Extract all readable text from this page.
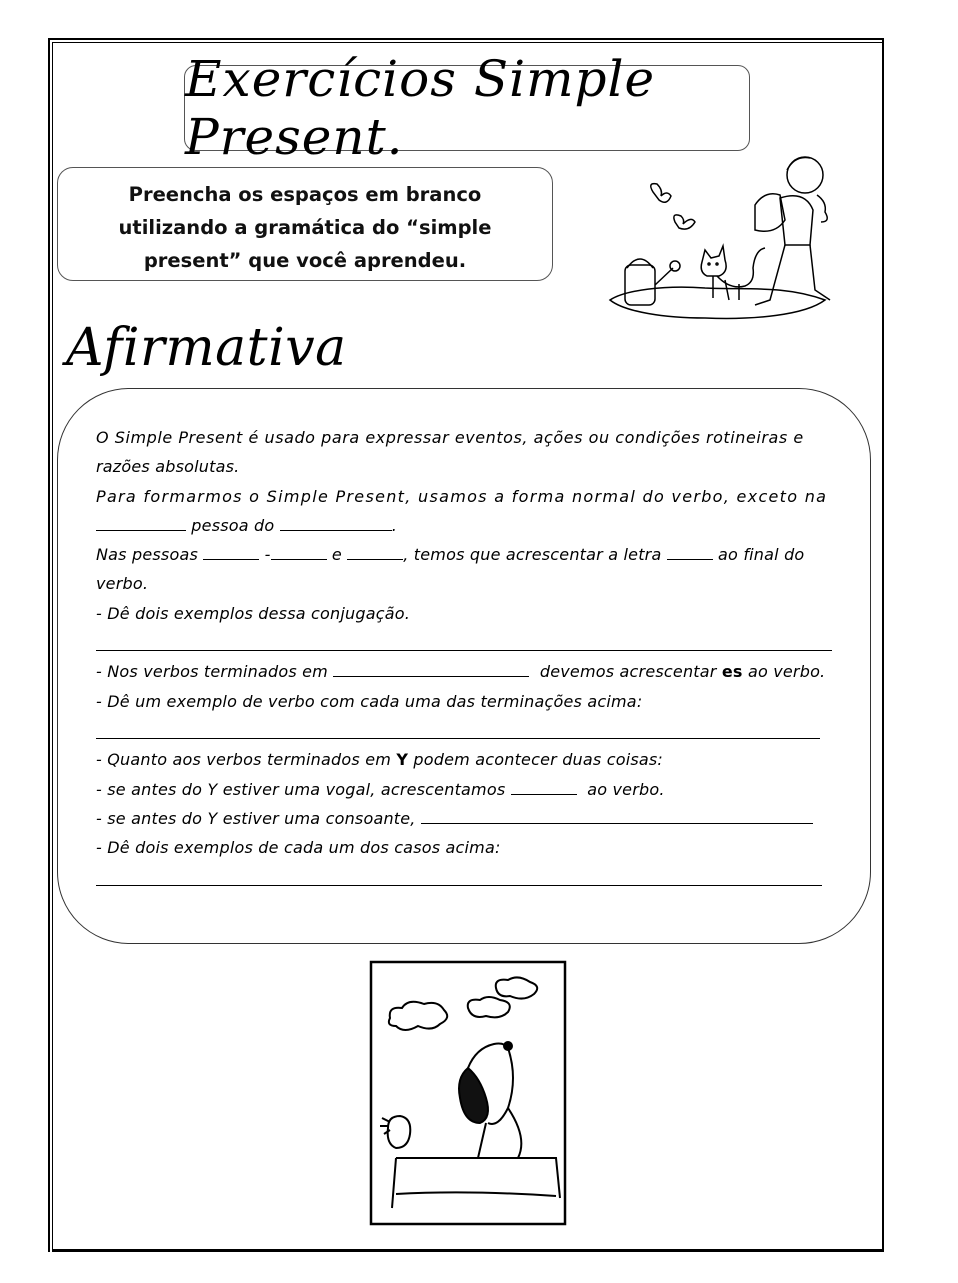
Exercícios Simple Present.
Preencha os espaços em branco utilizando a gramática do “simple present” que você aprendeu.
Afirmativa
O Simple Present é usado para expressar eventos, ações ou condições rotineiras e
razões absolutas.
Para formarmos o Simple Present, usamos a forma normal do verbo, exceto na
pessoa do	.
Nas pessoas	-	e	, temos que acrescentar a letra	ao final do
verbo.
- Dê dois exemplos dessa conjugação.
- Nos verbos terminados em	devemos acrescentar es ao verbo.
- Dê um exemplo de verbo com cada uma das terminações acima:
- Quanto aos verbos terminados em Y podem acontecer duas coisas:
- se antes do Y estiver uma vogal, acrescentamos	ao verbo.
- se antes do Y estiver uma consoante,
- Dê dois exemplos de cada um dos casos acima:
